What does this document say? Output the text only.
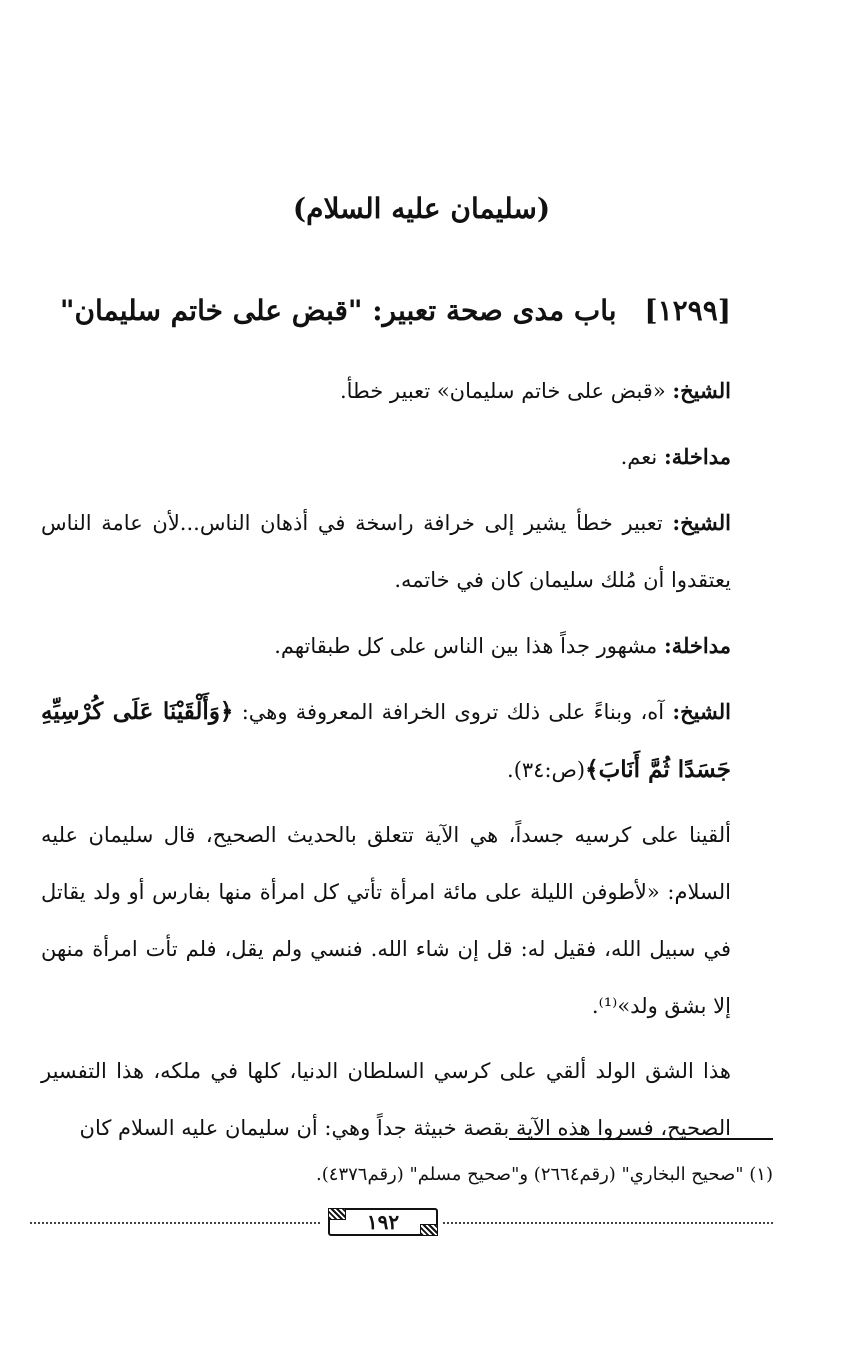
(سليمان عليه السلام)
[١٢٩٩] باب مدى صحة تعبير: "قبض على خاتم سليمان"

الشيخ: «قبض على خاتم سليمان» تعبير خطأ.

مداخلة: نعم.

الشيخ: تعبير خطأ يشير إلى خرافة راسخة في أذهان الناس...لأن عامة الناس يعتقدوا أن مُلك سليمان كان في خاتمه.

مداخلة: مشهور جداً هذا بين الناس على كل طبقاتهم.

الشيخ: آه، وبناءً على ذلك تروى الخرافة المعروفة وهي: ﴿وَأَلْقَيْنَا عَلَى كُرْسِيِّهِ جَسَدًا ثُمَّ أَنَابَ﴾(ص:٣٤).

ألقينا على كرسيه جسداً، هي الآية تتعلق بالحديث الصحيح، قال سليمان عليه السلام: «لأطوفن الليلة على مائة امرأة تأتي كل امرأة منها بفارس أو ولد يقاتل في سبيل الله، فقيل له: قل إن شاء الله. فنسي ولم يقل، فلم تأت امرأة منهن إلا بشق ولد»⁽¹⁾.

هذا الشق الولد ألقي على كرسي السلطان الدنيا، كلها في ملكه، هذا التفسير الصحيح، فسروا هذه الآية بقصة خبيثة جداً وهي: أن سليمان عليه السلام كان

(١) "صحيح البخاري" (رقم٢٦٦٤) و"صحيح مسلم" (رقم٤٣٧٦).
١٩٢
